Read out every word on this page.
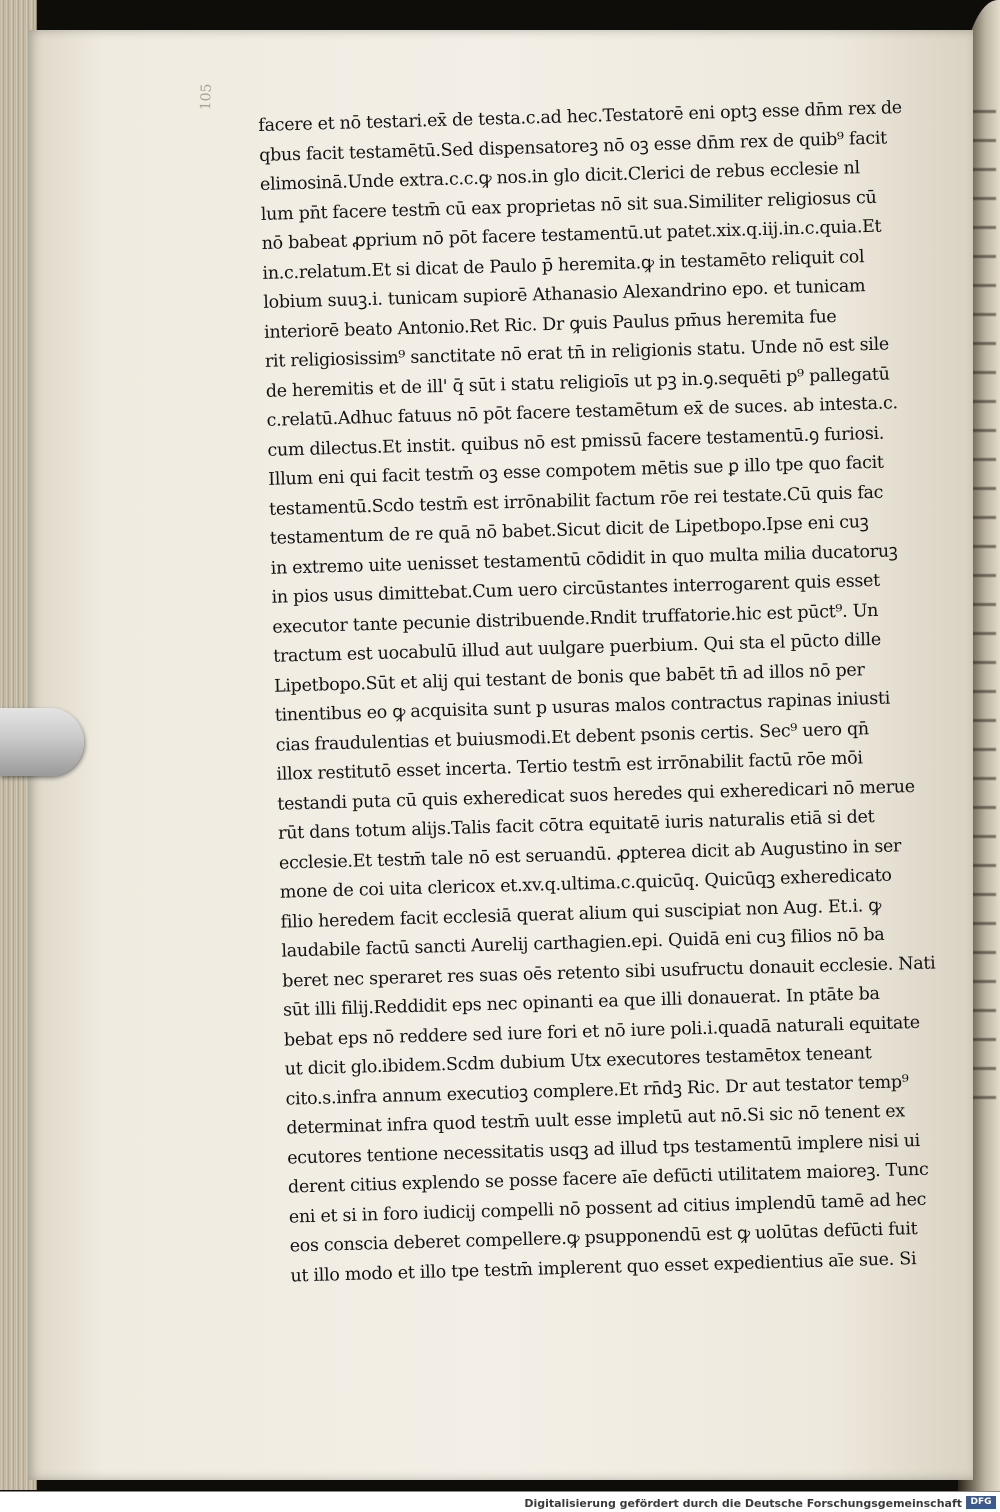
105
facere et nō testari.ex̄ de testa.c.ad hec.Testatorē eni optꝫ esse dn̄m rex de
qbus facit testamētū.Sed dispensatoreꝫ nō oꝫ esse dn̄m rex de quib⁹ facit
elimosinā.Unde extra.c.c.ꝙ nos.in glo dicit.Clerici de rebus ecclesie nl
lum pn̄t facere testm̄ cū eax proprietas nō sit sua.Similiter religiosus cū
nō babeat ꝓprium nō pōt facere testamentū.ut patet.xix.q.iij.in.c.quia.Et
in.c.relatum.Et si dicat de Paulo p̄ heremita.ꝙ in testamēto reliquit col
lobium suuꝫ.i. tunicam supiorē Athanasio Alexandrino epo. et tunicam
interiorē beato Antonio.Ret Ric. Dr ꝙuis Paulus pm̄us heremita fue
rit religiosissim⁹ sanctitate nō erat tn̄ in religionis statu. Unde nō est sile
de heremitis et de ill' q̄ sūt i statu religioīs ut pꝫ in.ꝯ.sequēti p⁹ pallegatū
c.relatū.Adhuc fatuus nō pōt facere testamētum ex̄ de suces. ab intesta.c.
cum dilectus.Et instit. quibus nō est pmissū facere testamentū.ꝯ furiosi.
Illum eni qui facit testm̄ oꝫ esse compotem mētis sue ꝑ illo tpe quo facit
testamentū.Scdo testm̄ est irrōnabilit factum rōe rei testate.Cū quis fac
testamentum de re quā nō babet.Sicut dicit de Lipetbopo.Ipse eni cuꝫ
in extremo uite uenisset testamentū cōdidit in quo multa milia ducatoruꝫ
in pios usus dimittebat.Cum uero circūstantes interrogarent quis esset
executor tante pecunie distribuende.Rndit truffatorie.hic est pūct⁹. Un
tractum est uocabulū illud aut uulgare puerbium. Qui sta el pūcto dille
Lipetbopo.Sūt et alij qui testant de bonis que babēt tn̄ ad illos nō per
tinentibus eo ꝙ acquisita sunt p usuras malos contractus rapinas iniusti
cias fraudulentias et buiusmodi.Et debent psonis certis. Sec⁹ uero qn̄
illox restitutō esset incerta. Tertio testm̄ est irrōnabilit factū rōe mōi
testandi puta cū quis exheredicat suos heredes qui exheredicari nō merue
rūt dans totum alijs.Talis facit cōtra equitatē iuris naturalis etiā si det
ecclesie.Et testm̄ tale nō est seruandū. ꝓpterea dicit ab Augustino in ser
mone de coi uita clericox et.xv.q.ultima.c.quicūq. Quicūqꝫ exheredicato
filio heredem facit ecclesiā querat alium qui suscipiat non Aug. Et.i. ꝙ
laudabile factū sancti Aurelij carthagien.epi. Quidā eni cuꝫ filios nō ba
beret nec speraret res suas oēs retento sibi usufructu donauit ecclesie. Nati
sūt illi filij.Reddidit eps nec opinanti ea que illi donauerat. In ptāte ba
bebat eps nō reddere sed iure fori et nō iure poli.i.quadā naturali equitate
ut dicit glo.ibidem.Scdm dubium Utx executores testamētox teneant
cito.s.infra annum executioꝫ complere.Et rn̄dꝫ Ric. Dr aut testator temp⁹
determinat infra quod testm̄ uult esse impletū aut nō.Si sic nō tenent ex
ecutores tentione necessitatis usqꝫ ad illud tps testamentū implere nisi ui
derent citius explendo se posse facere aīe defūcti utilitatem maioreꝫ. Tunc
eni et si in foro iudicij compelli nō possent ad citius implendū tamē ad hec
eos conscia deberet compellere.ꝙ psupponendū est ꝙ uolūtas defūcti fuit
ut illo modo et illo tpe testm̄ implerent quo esset expedientius aīe sue. Si
Digitalisierung gefördert durch die Deutsche Forschungsgemeinschaft DFG
